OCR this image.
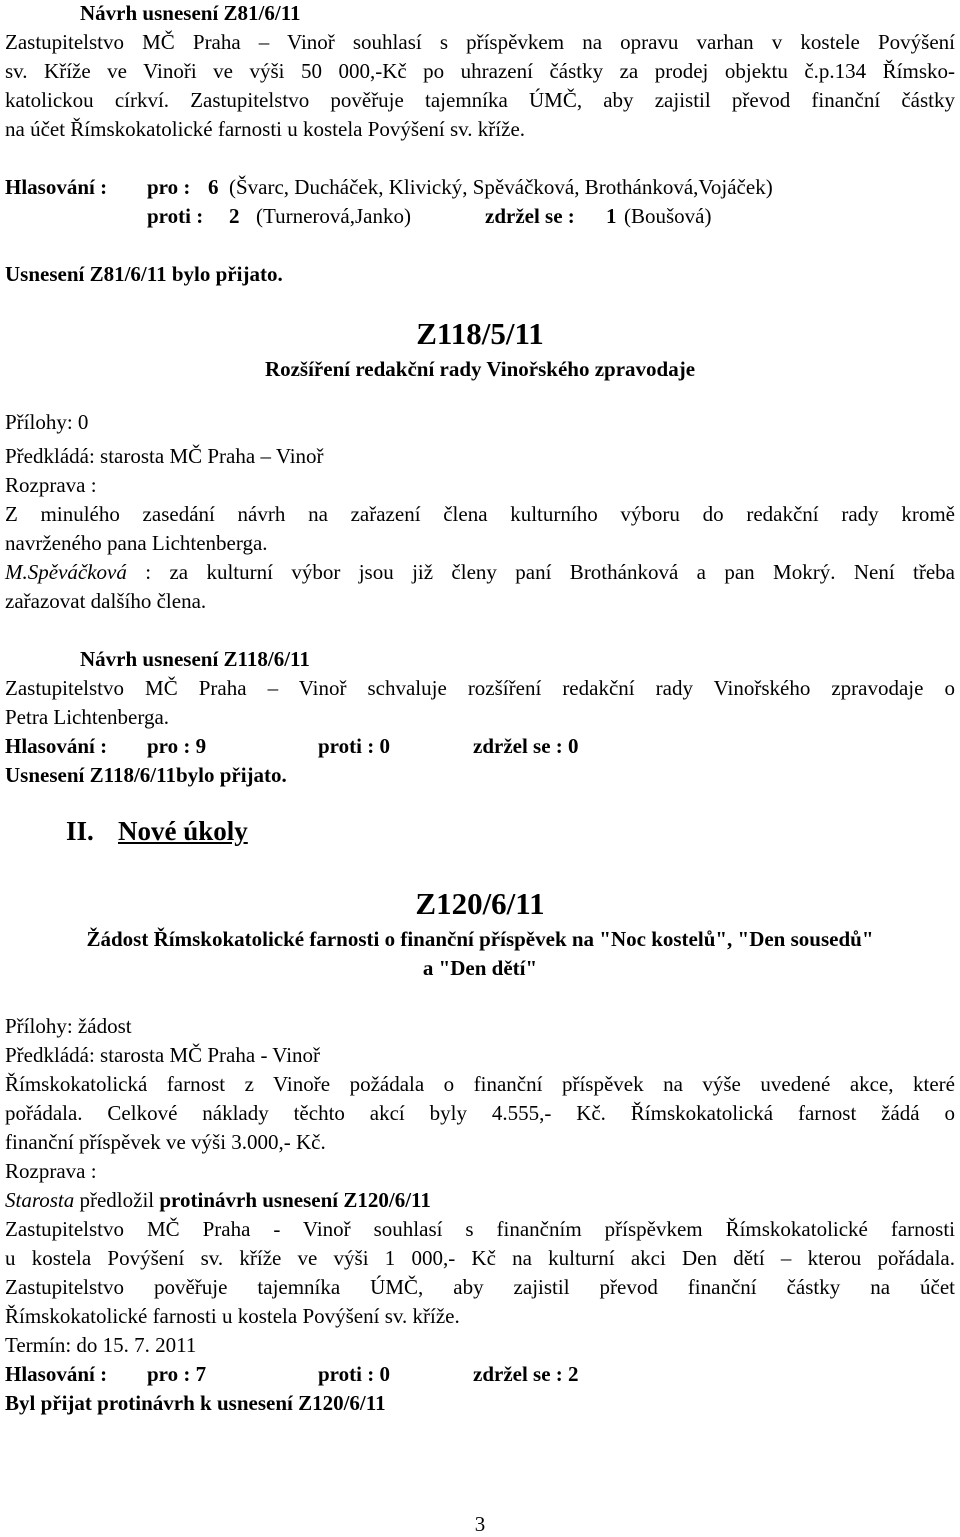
Návrh usnesení Z81/6/11
Zastupitelstvo MČ Praha – Vinoř souhlasí s příspěvkem na opravu varhan v kostele Povýšení
sv. Kříže ve Vinoři ve výši 50 000,-Kč po uhrazení částky za prodej objektu č.p.134 Římsko-
katolickou církví. Zastupitelstvo pověřuje tajemníka ÚMČ, aby zajistil převod finanční částky
na účet Římskokatolické farnosti u kostela Povýšení sv. kříže.
Hlasování : pro : 6 (Švarc, Ducháček, Klivický, Spěváčková, Brothánková,Vojáček)
proti : 2 (Turnerová,Janko)	zdržel se : 1 (Boušová)
Usnesení Z81/6/11 bylo přijato.
Z118/5/11
Rozšíření redakční rady Vinořského zpravodaje
Přílohy: 0
Předkládá: starosta MČ Praha – Vinoř
Rozprava :
Z minulého zasedání návrh na zařazení člena kulturního výboru do redakční rady kromě
navrženého pana Lichtenberga.
M.Spěváčková : za kulturní výbor jsou již členy paní Brothánková a pan Mokrý. Není třeba
zařazovat dalšího člena.
Návrh usnesení Z118/6/11
Zastupitelstvo MČ Praha – Vinoř schvaluje rozšíření redakční rady Vinořského zpravodaje o
Petra Lichtenberga.
Hlasování : pro : 9	proti : 0	zdržel se : 0
Usnesení Z118/6/11bylo přijato.
II. Nové úkoly
Z120/6/11
Žádost Římskokatolické farnosti o finanční příspěvek na "Noc kostelů", "Den sousedů"
a "Den dětí"
Přílohy: žádost
Předkládá: starosta MČ Praha - Vinoř
Římskokatolická farnost z Vinoře požádala o finanční příspěvek na výše uvedené akce, které
pořádala. Celkové náklady těchto akcí byly 4.555,- Kč. Římskokatolická farnost žádá o
finanční příspěvek ve výši 3.000,- Kč.
Rozprava :
Starosta předložil protinávrh usnesení Z120/6/11
Zastupitelstvo MČ Praha - Vinoř souhlasí s finančním příspěvkem Římskokatolické farnosti
u kostela Povýšení sv. kříže ve výši 1 000,- Kč na kulturní akci Den dětí – kterou pořádala.
Zastupitelstvo pověřuje tajemníka ÚMČ, aby zajistil převod finanční částky na účet
Římskokatolické farnosti u kostela Povýšení sv. kříže.
Termín: do 15. 7. 2011
Hlasování : pro : 7	proti : 0	zdržel se : 2
Byl přijat protinávrh k usnesení Z120/6/11
3
